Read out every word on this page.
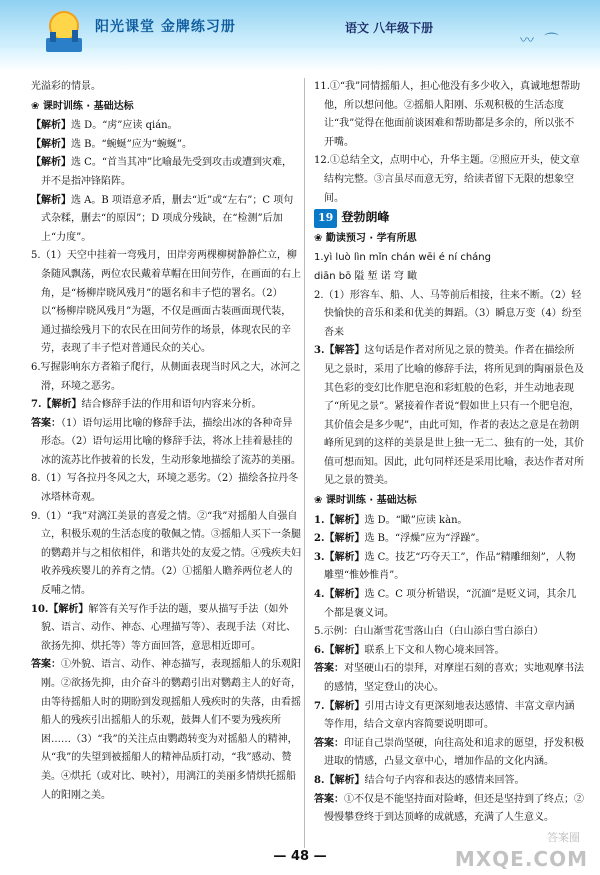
阳光课堂 金牌练习册	语文 八年级下册
〰 ⌒

光溢彩的情景。

❀ 课时训练 · 基础达标

【解析】选 D。“虏”应读 qián。

【解析】选 B。“蜿蜒”应为“蜿蜒”。

【解析】选 C。“首当其冲”比喻最先受到攻击或遭到灾难，并不是指冲锋陷阵。

【解析】选 A。B 项语意矛盾，删去“近”或“左右”；C 项句式杂糅，删去“的原因”；D 项成分残缺，在“检测”后加上“力度”。

5.（1）天空中挂着一弯残月，田岸旁两棵柳树静静伫立，柳条随风飘荡，两位农民戴着草帽在田间劳作，在画面的右上角，是“杨柳岸晓风残月”的题名和丰子恺的署名。（2）以“杨柳岸晓风残月”为题，不仅是画面古装画面现代装，通过描绘残月下的农民在田间劳作的场景，体现农民的辛劳，表现了丰子恺对普通民众的关心。

6.写握影响东方者箱子爬行，从侧面表现当时风之大，冰河之滑，环境之恶劣。

7.【解析】结合修辞手法的作用和语句内容来分析。

答案：（1）语句运用比喻的修辞手法，描绘出冰的各种奇异形态。（2）语句运用比喻的修辞手法，将冰上挂着悬挂的冰的流苏比作披着的长发，生动形象地描绘了流苏的美丽。

8.（1）写各拉丹冬风之大，环境之恶劣。（2）描绘各拉丹冬冰塔林奇观。

9.（1）“我”对漓江美景的喜爱之情。②“我”对摇船人自强自立，积极乐观的生活态度的敬佩之情。③摇船人买下一条腿的鹦鹉并与之相依相伴，和谐共处的友爱之情。④残疾夫妇收养残疾婴儿的养育之情。（2）①摇船人瞻养两位老人的反哺之情。

10.【解析】解答有关写作手法的题，要从描写手法（如外貌、语言、动作、神态、心理描写等）、表现手法（对比、欲扬先抑、烘托等）等方面回答，意思相近即可。

答案：①外貌、语言、动作、神态描写，表现摇船人的乐观阳刚。②欲扬先抑，由介奋斗的鹦鹉引出对鹦鹉主人的好奇，由等待摇船人时的期盼到发现摇船人残疾时的失落，由看摇船人的残疾引出摇船人的乐观，鼓舞人们不要为残疾所困……（3）“我”的关注点由鹦鹉转变为对摇船人的精神，从“我”的失望到被摇船人的精神品质打动，“我”感动、赞美。④烘托（或对比、映衬），用漓江的美丽多情烘托摇船人的阳刚之美。

11.①“我”同情摇船人，担心他没有多少收入，真诚地想帮助他，所以想问他。②摇船人阳刚、乐观积极的生活态度让“我”觉得在他面前谈困难和帮助都是多余的，所以张不开嘴。

12.①总结全文，点明中心，升华主题。②照应开头，使文章结构完整。③言虽尽而意无穷，给读者留下无限的想象空间。

19 登勃朗峰
❀ 勤读预习 · 学有所思

1.yì luò lìn mǐn chán wēi é ní cháng

diān bō 隘 堑 诺 穹 瞰

2.（1）形容车、船、人、马等前后相接，往来不断。（2）轻快愉快的音乐和柔和优美的舞蹈。（3）瞬息万变（4）纷至沓来

3.【解答】这句话是作者对所见之景的赞美。作者在描绘所见之景时，采用了比喻的修辞手法，将所见到的陶丽景色及其色彩的变幻比作肥皂泡和彩虹般的色彩，并生动地表现了“所见之景”。紧接着作者说“假如世上只有一个肥皂泡，其价值会是多少呢”，由此可知，作者的表达之意是在勃朗峰所见到的这样的美景是世上独一无二、独有的一处，其价值可想而知。因此，此句同样还是采用比喻，表达作者对所见之景的赞美。

❀ 课时训练 · 基础达标

1.【解析】选 D。“瞰”应读 kàn。

2.【解析】选 B。“浮燥”应为“浮躁”。

3.【解析】选 C。技艺“巧夺天工”，作品“精雕细刻”，人物雕塑“惟妙惟肖”。

4.【解析】选 C。C 项分析错误，“沉湎”是贬义词，其余几个都是褒义词。

5.示例：白山渐雪花雪落山白（白山添白雪白添白）

6.【解析】联系上下文和人物心境来回答。

答案：对坚硬山石的崇拜，对摩崖石刻的喜欢；实地观摩书法的感情，坚定登山的决心。

7.【解析】引用古诗文有更深刻地表达感情、丰富文章内涵等作用，结合文章内容简要说明即可。

答案：印证自己崇尚坚硬，向往高处和追求的愿望，抒发积极进取的情感，凸显文章中心，增加作品的文化内涵。

8.【解析】结合句子内容和表达的感情来回答。

答案：①不仅是不能坚持面对险峰，但还是坚持到了终点；②慢慢攀登终于到达顶峰的成就感，充满了人生意义。

— 48 —
答案圈
MXQE.COM
